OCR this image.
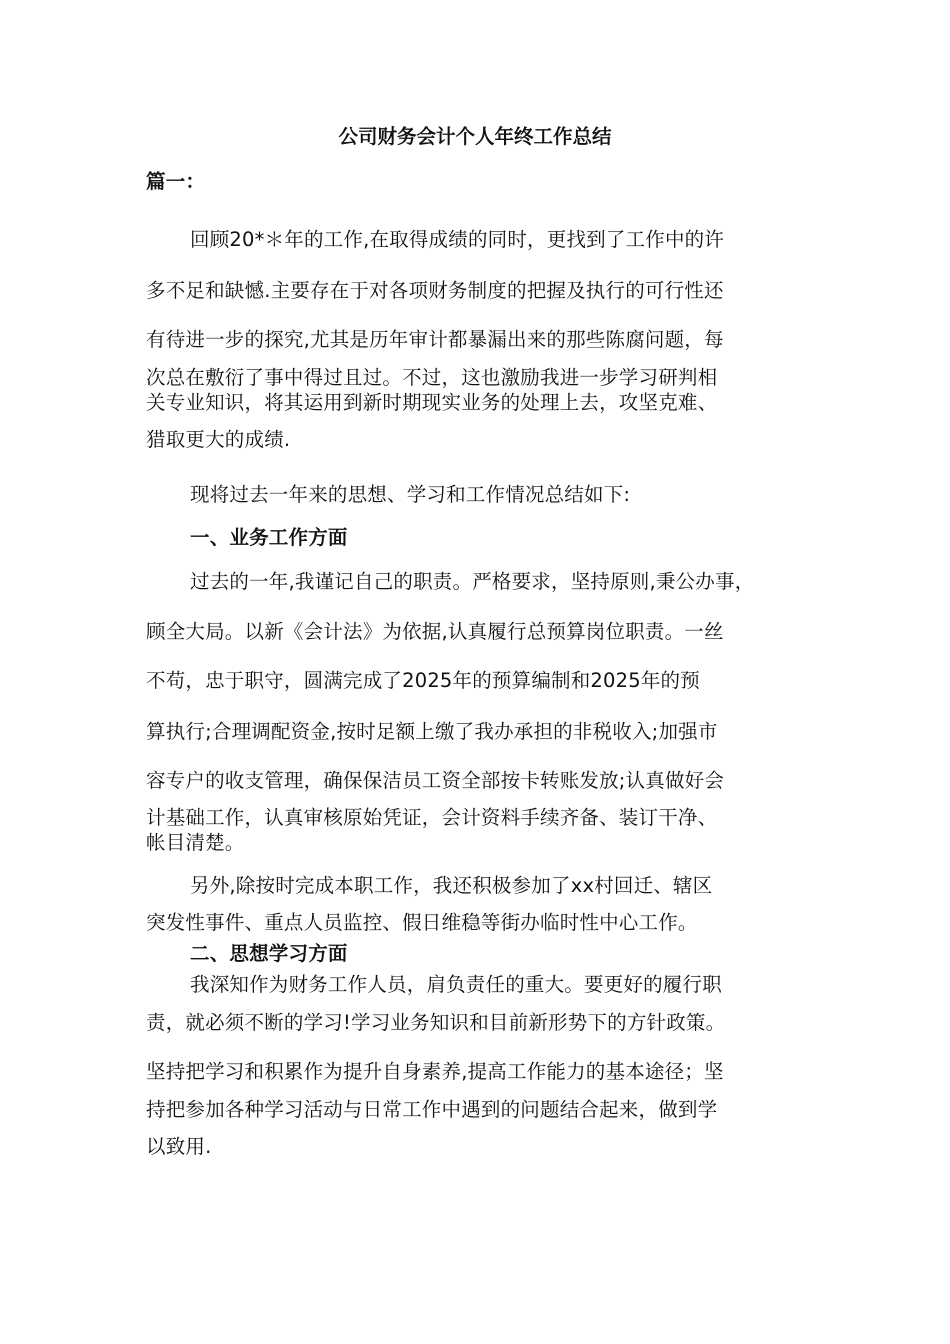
公司财务会计个人年终工作总结
篇一：
回顾20*＊年的工作,在取得成绩的同时，更找到了工作中的许
多不足和缺憾.主要存在于对各项财务制度的把握及执行的可行性还
有待进一步的探究,尤其是历年审计都暴漏出来的那些陈腐问题，每
次总在敷衍了事中得过且过。不过，这也激励我进一步学习研判相
关专业知识，将其运用到新时期现实业务的处理上去，攻坚克难、
猎取更大的成绩.
现将过去一年来的思想、学习和工作情况总结如下:
一、业务工作方面
过去的一年,我谨记自己的职责。严格要求，坚持原则,秉公办事，
顾全大局。以新《会计法》为依据,认真履行总预算岗位职责。一丝
不苟，忠于职守，圆满完成了2025年的预算编制和2025年的预
算执行;合理调配资金,按时足额上缴了我办承担的非税收入;加强市
容专户的收支管理，确保保洁员工资全部按卡转账发放;认真做好会
计基础工作，认真审核原始凭证，会计资料手续齐备、装订干净、
帐目清楚。
另外,除按时完成本职工作，我还积极参加了xx村回迁、辖区
突发性事件、重点人员监控、假日维稳等街办临时性中心工作。
二、思想学习方面
我深知作为财务工作人员，肩负责任的重大。要更好的履行职
责，就必须不断的学习!学习业务知识和目前新形势下的方针政策。
坚持把学习和积累作为提升自身素养,提高工作能力的基本途径；坚
持把参加各种学习活动与日常工作中遇到的问题结合起来，做到学
以致用.
